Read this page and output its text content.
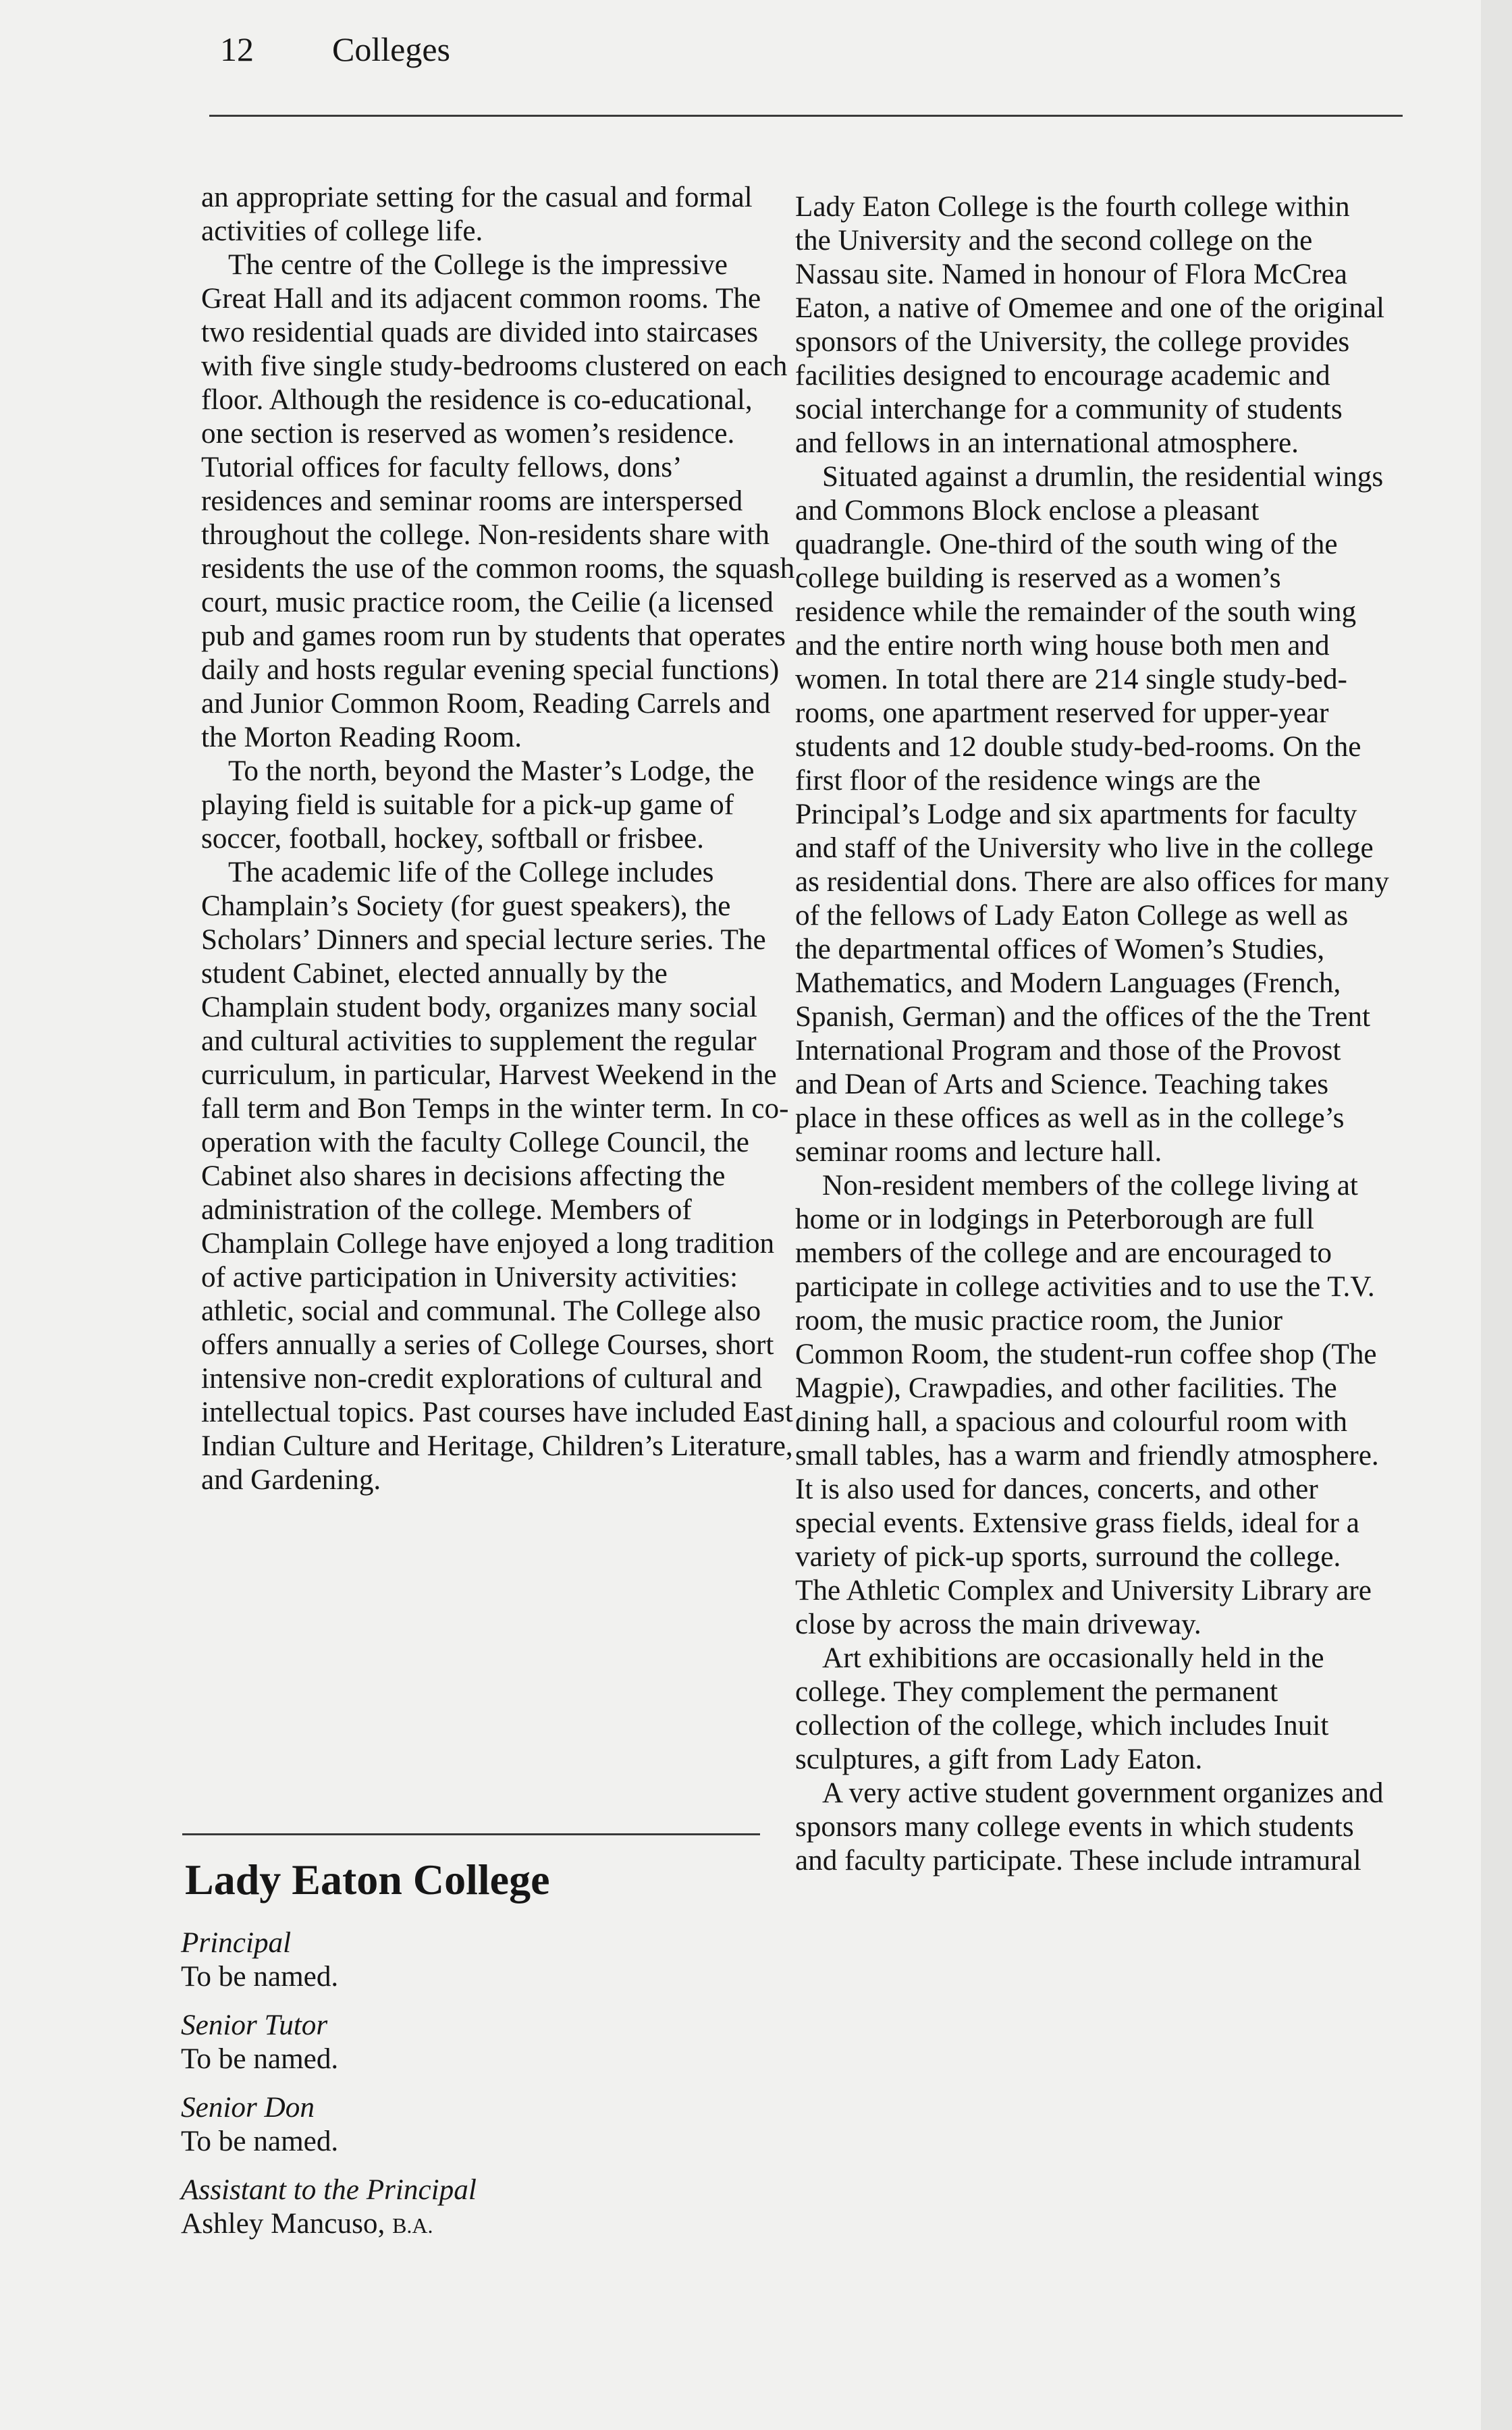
12 Colleges

an appropriate setting for the casual and formal activities of college life.

The centre of the College is the impressive Great Hall and its adjacent common rooms. The two residential quads are divided into staircases with five single study-bedrooms clustered on each floor. Although the residence is co-educational, one section is reserved as women’s residence. Tutorial offices for faculty fellows, dons’ residences and seminar rooms are interspersed throughout the college. Non-residents share with residents the use of the common rooms, the squash court, music practice room, the Ceilie (a licensed pub and games room run by students that operates daily and hosts regular evening special functions) and Junior Common Room, Reading Carrels and the Morton Reading Room.

To the north, beyond the Master’s Lodge, the playing field is suitable for a pick-up game of soccer, football, hockey, softball or frisbee.

The academic life of the College includes Champlain’s Society (for guest speakers), the Scholars’ Dinners and special lecture series. The student Cabinet, elected annually by the Champlain student body, organizes many social and cultural activities to supplement the regular curriculum, in particular, Harvest Weekend in the fall term and Bon Temps in the winter term. In co-operation with the faculty College Council, the Cabinet also shares in decisions affecting the administration of the college. Members of Champlain College have enjoyed a long tradition of active participation in University activities: athletic, social and communal. The College also offers annually a series of College Courses, short intensive non-credit explorations of cultural and intellectual topics. Past courses have included East Indian Culture and Heritage, Children’s Literature, and Gardening.

Lady Eaton College
Principal
To be named.
Senior Tutor
To be named.
Senior Don
To be named.
Assistant to the Principal
Ashley Mancuso, B.A.

Lady Eaton College is the fourth college within the University and the second college on the Nassau site. Named in honour of Flora McCrea Eaton, a native of Omemee and one of the original sponsors of the University, the college provides facilities designed to encourage academic and social interchange for a community of students and fellows in an international atmosphere.

Situated against a drumlin, the residential wings and Commons Block enclose a pleasant quadrangle. One-third of the south wing of the college building is reserved as a women’s residence while the remainder of the south wing and the entire north wing house both men and women. In total there are 214 single study-bed-rooms, one apartment reserved for upper-year students and 12 double study-bed-rooms. On the first floor of the residence wings are the Principal’s Lodge and six apartments for faculty and staff of the University who live in the college as residential dons. There are also offices for many of the fellows of Lady Eaton College as well as the departmental offices of Women’s Studies, Mathematics, and Modern Languages (French, Spanish, German) and the offices of the the Trent International Program and those of the Provost and Dean of Arts and Science. Teaching takes place in these offices as well as in the college’s seminar rooms and lecture hall.

Non-resident members of the college living at home or in lodgings in Peterborough are full members of the college and are encouraged to participate in college activities and to use the T.V. room, the music practice room, the Junior Common Room, the student-run coffee shop (The Magpie), Crawpadies, and other facilities. The dining hall, a spacious and colourful room with small tables, has a warm and friendly atmosphere. It is also used for dances, concerts, and other special events. Extensive grass fields, ideal for a variety of pick-up sports, surround the college. The Athletic Complex and University Library are close by across the main driveway.

Art exhibitions are occasionally held in the college. They complement the permanent collection of the college, which includes Inuit sculptures, a gift from Lady Eaton.

A very active student government organizes and sponsors many college events in which students and faculty participate. These include intramural
